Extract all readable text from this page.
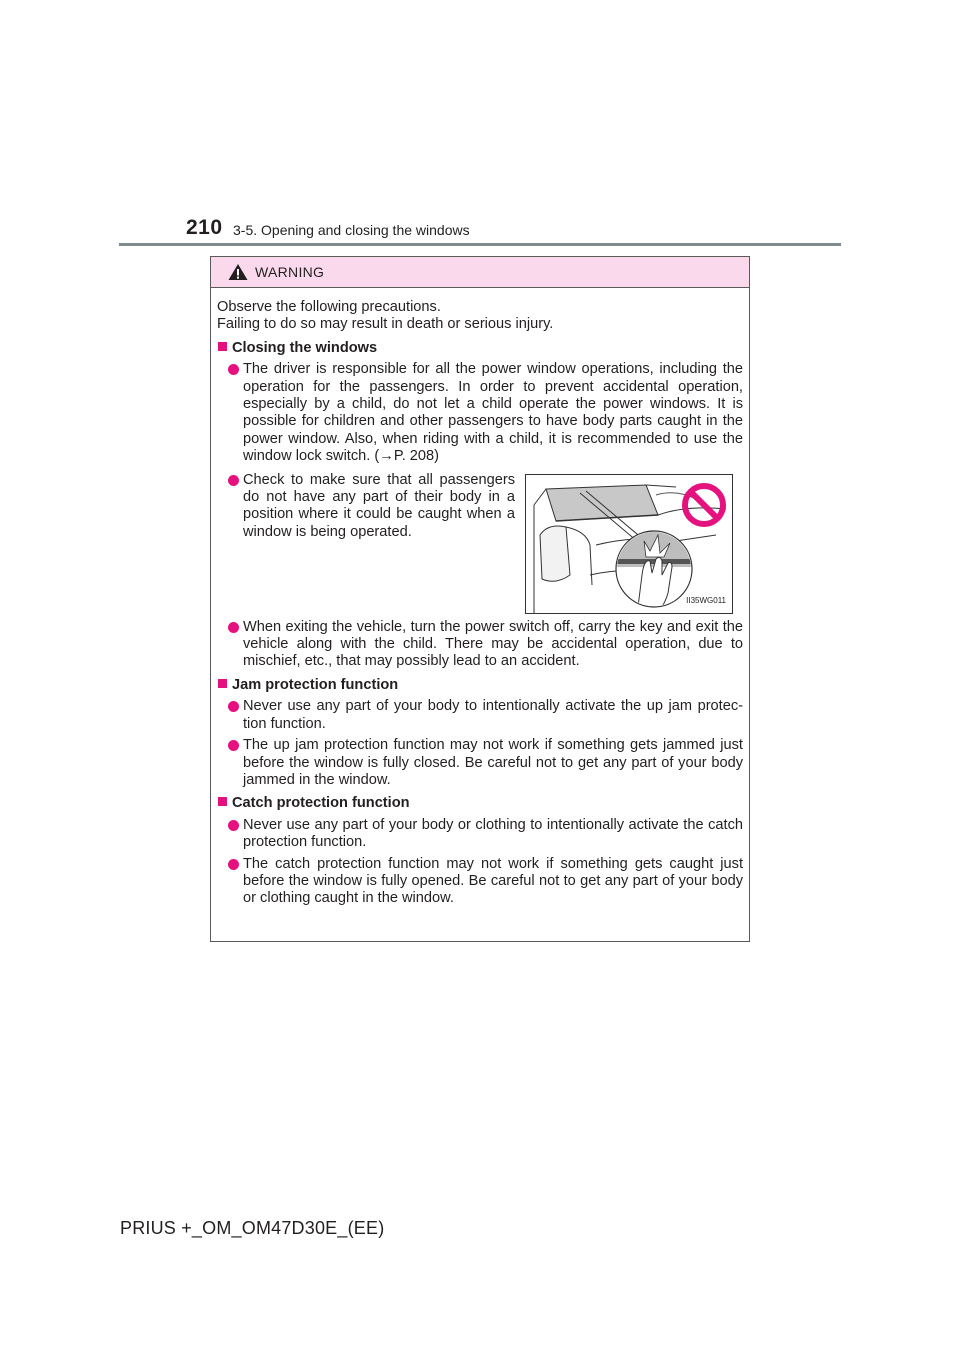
210 3-5. Opening and closing the windows
WARNING

Observe the following precautions.

Failing to do so may result in death or serious injury.

Closing the windows
The driver is responsible for all the power window operations, including the operation for the passengers. In order to prevent accidental operation, especially by a child, do not let a child operate the power windows. It is possible for children and other passengers to have body parts caught in the power window. Also, when riding with a child, it is recommended to use the window lock switch. (→P. 208)
Check to make sure that all passengers do not have any part of their body in a position where it could be caught when a window is being operated.
II35WG011
When exiting the vehicle, turn the power switch off, carry the key and exit the vehicle along with the child. There may be accidental operation, due to mischief, etc., that may possibly lead to an accident.
Jam protection function
Never use any part of your body to intentionally activate the up jam protec-tion function.
The up jam protection function may not work if something gets jammed just before the window is fully closed. Be careful not to get any part of your body jammed in the window.
Catch protection function
Never use any part of your body or clothing to intentionally activate the catch protection function.
The catch protection function may not work if something gets caught just before the window is fully opened. Be careful not to get any part of your body or clothing caught in the window.
PRIUS +_OM_OM47D30E_(EE)
